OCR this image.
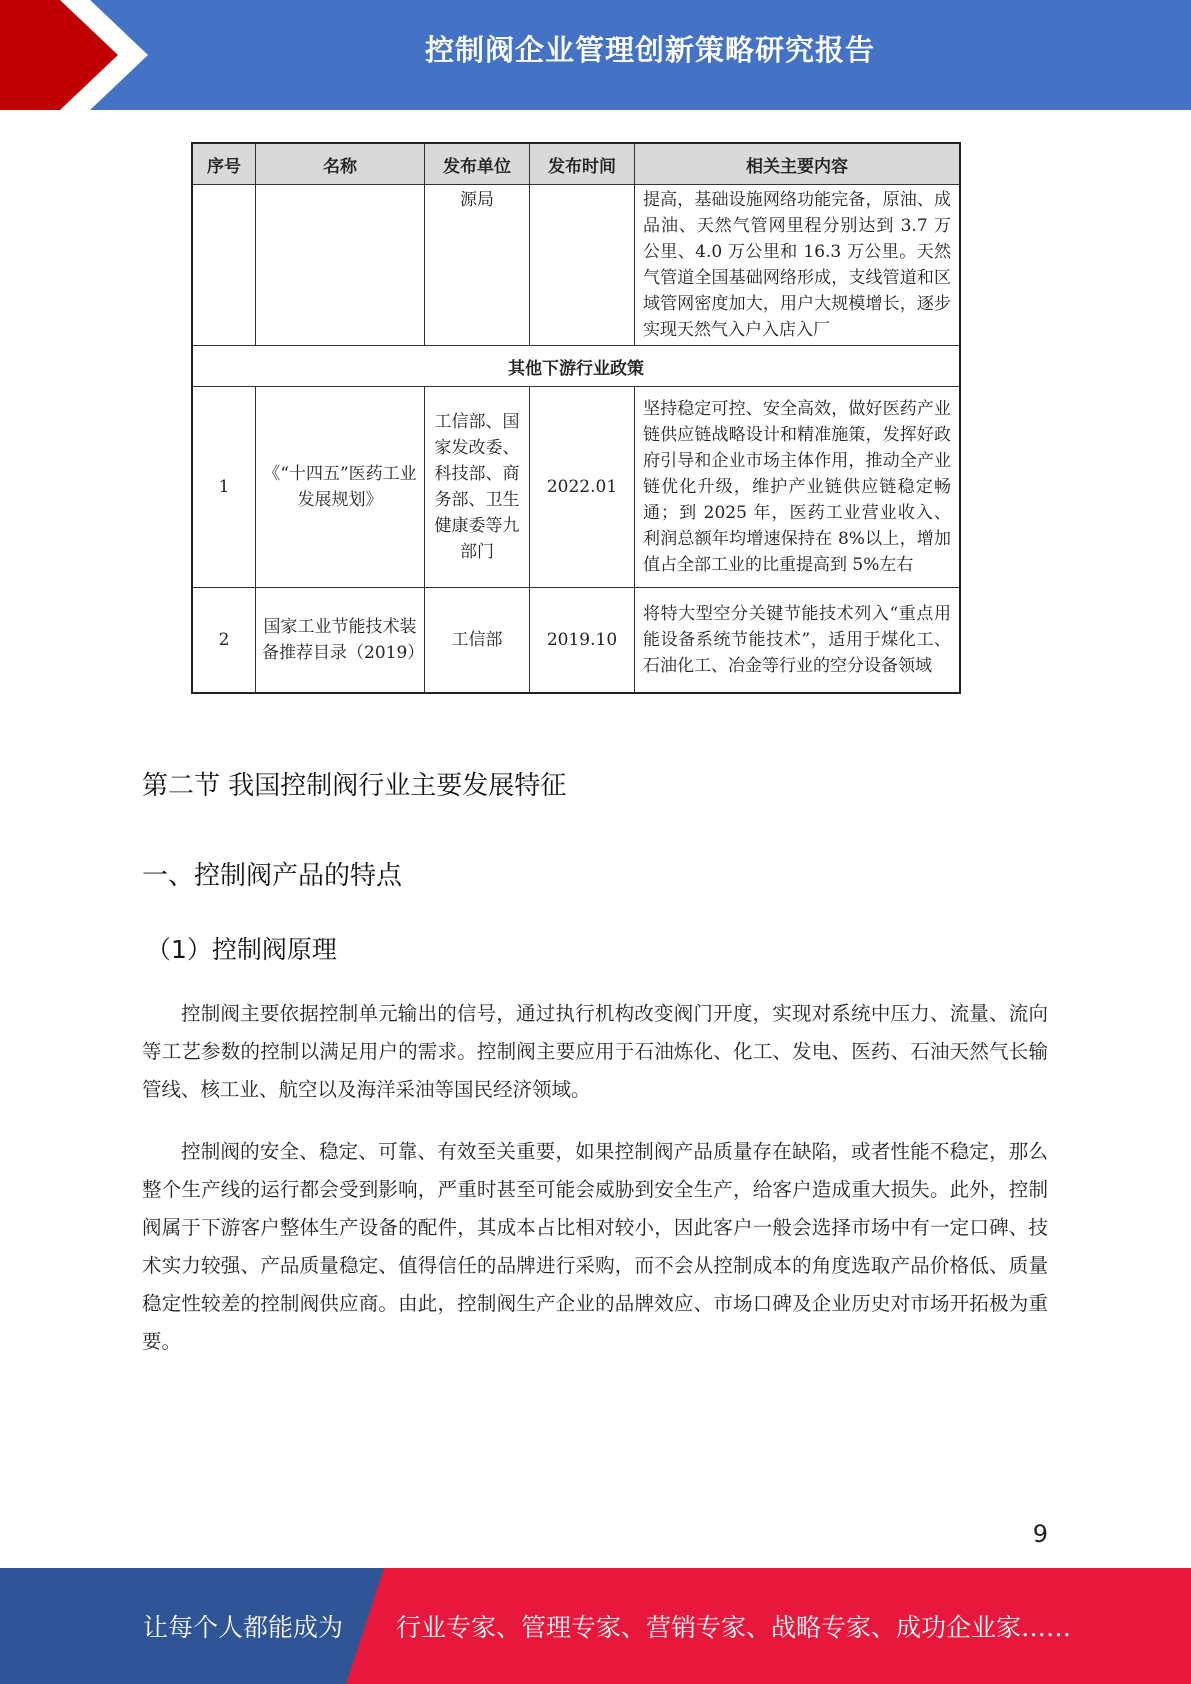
控制阀企业管理创新策略研究报告
序号	名称	发布单位	发布时间	相关主要内容
		源局		提高，基础设施网络功能完备，原油、成品油、天然气管网里程分别达到 3.7 万公里、4.0 万公里和 16.3 万公里。天然气管道全国基础网络形成，支线管道和区域管网密度加大，用户大规模增长，逐步实现天然气入户入店入厂
其他下游行业政策				
1	《“十四五”医药工业发展规划》	工信部、国家发改委、科技部、商务部、卫生健康委等九部门	2022.01	坚持稳定可控、安全高效，做好医药产业链供应链战略设计和精准施策，发挥好政府引导和企业市场主体作用，推动全产业链优化升级，维护产业链供应链稳定畅通；到 2025 年，医药工业营业收入、利润总额年均增速保持在 8%以上，增加值占全部工业的比重提高到 5%左右
2	国家工业节能技术装备推荐目录（2019）	工信部	2019.10	将特大型空分关键节能技术列入“重点用能设备系统节能技术”，适用于煤化工、石油化工、冶金等行业的空分设备领域
第二节 我国控制阀行业主要发展特征
一、控制阀产品的特点
（1）控制阀原理

控制阀主要依据控制单元输出的信号，通过执行机构改变阀门开度，实现对系统中压力、流量、流向等工艺参数的控制以满足用户的需求。控制阀主要应用于石油炼化、化工、发电、医药、石油天然气长输管线、核工业、航空以及海洋采油等国民经济领域。

控制阀的安全、稳定、可靠、有效至关重要，如果控制阀产品质量存在缺陷，或者性能不稳定，那么整个生产线的运行都会受到影响，严重时甚至可能会威胁到安全生产，给客户造成重大损失。此外，控制阀属于下游客户整体生产设备的配件，其成本占比相对较小，因此客户一般会选择市场中有一定口碑、技术实力较强、产品质量稳定、值得信任的品牌进行采购，而不会从控制成本的角度选取产品价格低、质量稳定性较差的控制阀供应商。由此，控制阀生产企业的品牌效应、市场口碑及企业历史对市场开拓极为重要。

9
让每个人都能成为 行业专家、管理专家、营销专家、战略专家、成功企业家……
